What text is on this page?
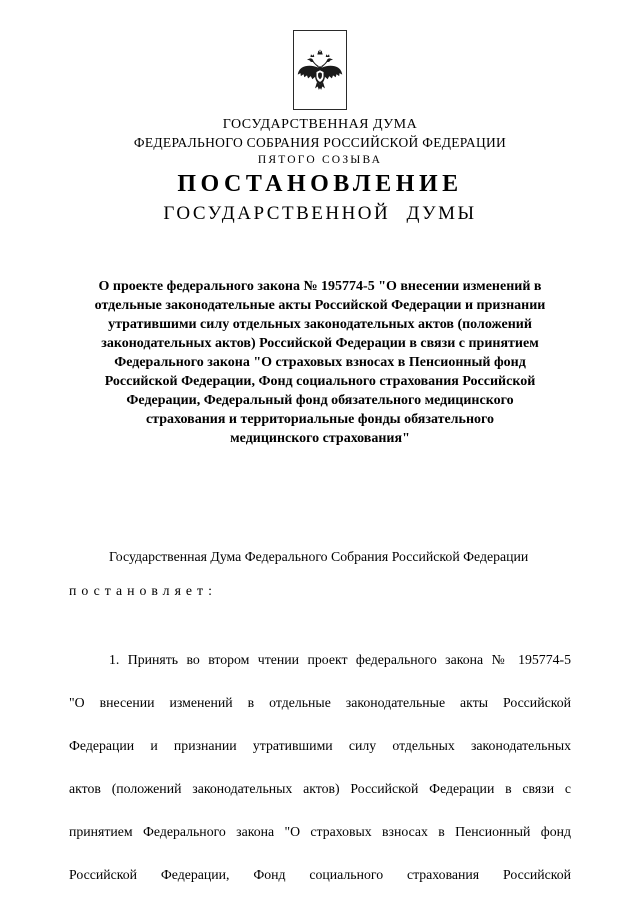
ГОСУДАРСТВЕННАЯ ДУМА
ФЕДЕРАЛЬНОГО СОБРАНИЯ РОССИЙСКОЙ ФЕДЕРАЦИИ
ПЯТОГО СОЗЫВА
ПОСТАНОВЛЕНИЕ
ГОСУДАРСТВЕННОЙ ДУМЫ
О проекте федерального закона № 195774-5 "О внесении изменений в
отдельные законодательные акты Российской Федерации и признании
утратившими силу отдельных законодательных актов (положений
законодательных актов) Российской Федерации в связи с принятием
Федерального закона "О страховых взносах в Пенсионный фонд
Российской Федерации, Фонд социального страхования Российской
Федерации, Федеральный фонд обязательного медицинского
страхования и территориальные фонды обязательного
медицинского страхования"
Государственная Дума Федерального Собрания Российской Федерации
постановляет:
1. Принять во втором чтении проект федерального закона № 195774-5
"О внесении изменений в отдельные законодательные акты Российской
Федерации и признании утратившими силу отдельных законодательных
актов (положений законодательных актов) Российской Федерации в связи с
принятием Федерального закона "О страховых взносах в Пенсионный фонд
Российской Федерации, Фонд социального страхования Российской
